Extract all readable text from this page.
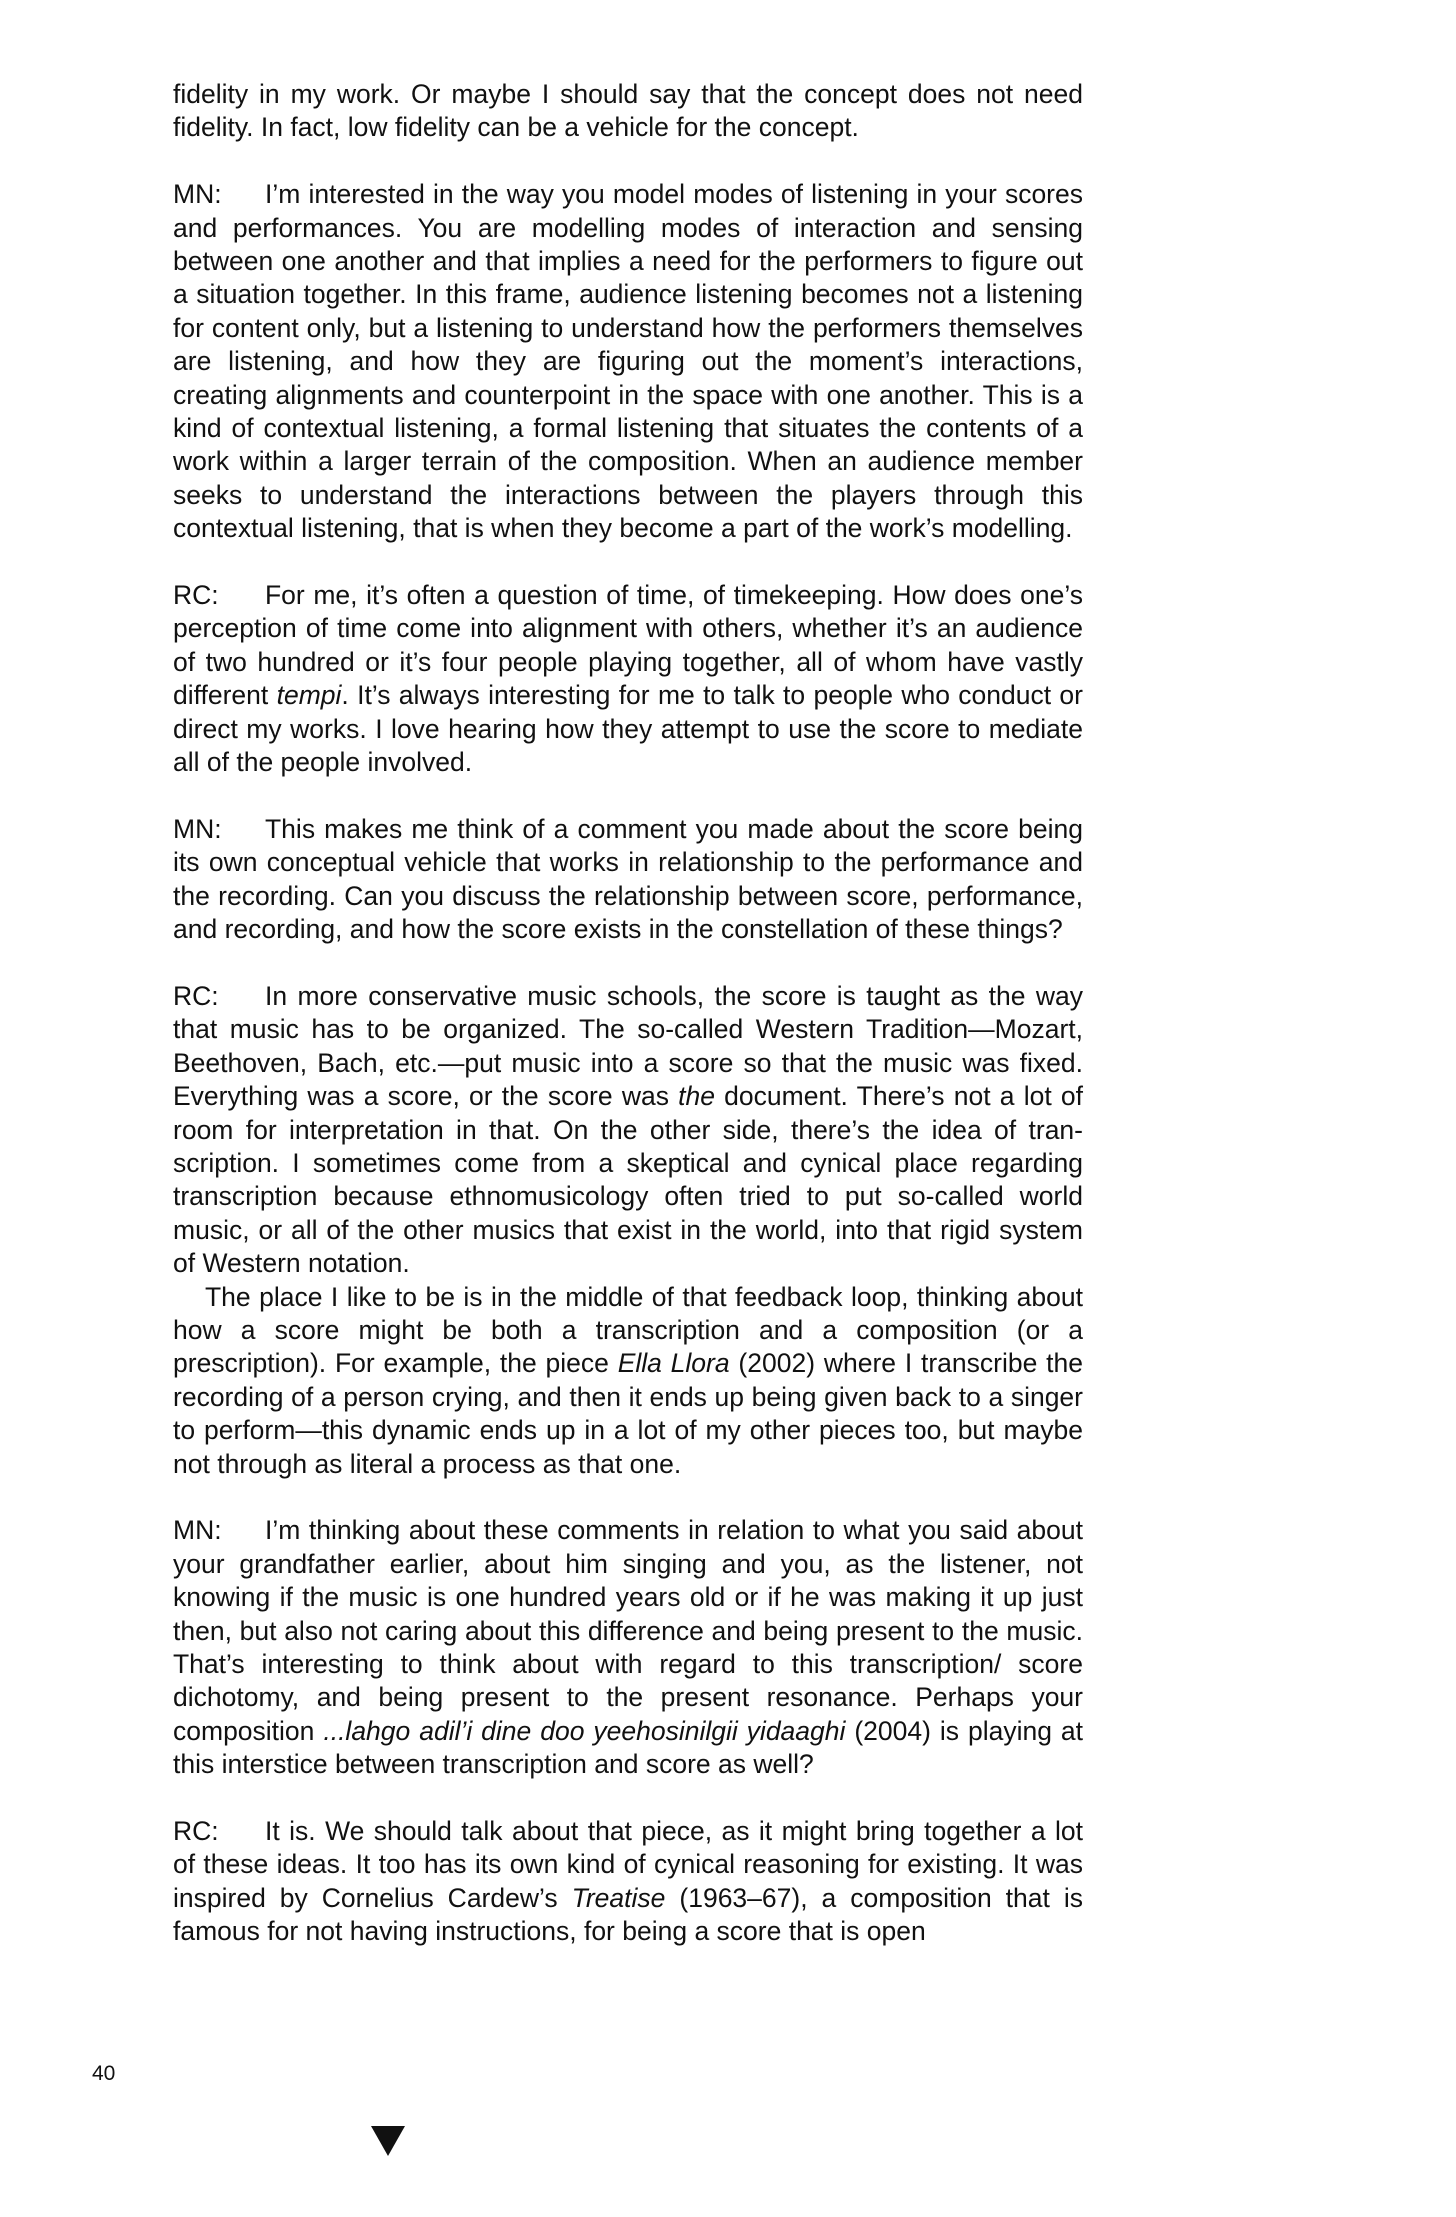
fidelity in my work. Or maybe I should say that the concept does not need fidelity. In fact, low fidelity can be a vehicle for the concept.

MN: I’m interested in the way you model modes of listening in your scores and performances. You are modelling modes of interaction and sensing between one another and that implies a need for the performers to figure out a situation together. In this frame, audience listening becomes not a listening for content only, but a listening to understand how the performers themselves are listening, and how they are figuring out the moment’s interactions, creating alignments and counterpoint in the space with one another. This is a kind of contextual listening, a formal listening that situates the contents of a work within a larger terrain of the composition. When an audience member seeks to understand the interactions between the players through this contextual listening, that is when they become a part of the work’s modelling.

RC: For me, it’s often a question of time, of timekeeping. How does one’s perception of time come into alignment with others, whether it’s an audience of two hundred or it’s four people playing together, all of whom have vastly different tempi. It’s always interesting for me to talk to people who conduct or direct my works. I love hearing how they attempt to use the score to mediate all of the people involved.

MN: This makes me think of a comment you made about the score being its own conceptual vehicle that works in relationship to the performance and the recording. Can you discuss the relationship between score, performance, and recording, and how the score exists in the constellation of these things?

RC: In more conservative music schools, the score is taught as the way that music has to be organized. The so-called Western Tradition—Mozart, Beethoven, Bach, etc.—put music into a score so that the music was fixed. Everything was a score, or the score was the document. There’s not a lot of room for interpretation in that. On the other side, there’s the idea of transcription. I sometimes come from a skeptical and cynical place regarding transcription because ethnomusicology often tried to put so-called world music, or all of the other musics that exist in the world, into that rigid system of Western notation.

The place I like to be is in the middle of that feedback loop, thinking about how a score might be both a transcription and a composition (or a prescription). For example, the piece Ella Llora (2002) where I transcribe the recording of a person crying, and then it ends up being given back to a singer to perform—this dynamic ends up in a lot of my other pieces too, but maybe not through as literal a process as that one.

MN: I’m thinking about these comments in relation to what you said about your grandfather earlier, about him singing and you, as the listener, not knowing if the music is one hundred years old or if he was making it up just then, but also not caring about this difference and being present to the music. That’s interesting to think about with regard to this transcription/ score dichotomy, and being present to the present resonance. Perhaps your composition ...lahgo adil’i dine doo yeehosinilgii yidaaghi (2004) is playing at this interstice between transcription and score as well?

RC: It is. We should talk about that piece, as it might bring together a lot of these ideas. It too has its own kind of cynical reasoning for existing. It was inspired by Cornelius Cardew’s Treatise (1963–67), a composition that is famous for not having instructions, for being a score that is open

40
